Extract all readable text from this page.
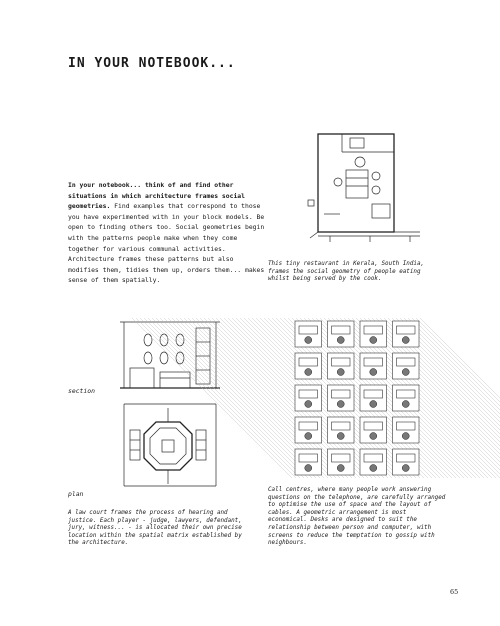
IN YOUR NOTEBOOK...
In your notebook... think of and find other situations in which architecture frames social geometries. Find examples that correspond to those you have experimented with in your block models. Be open to finding others too. Social geometries begin with the patterns people make when they come together for various communal activities. Architecture frames these patterns but also modifies them, tidies them up, orders them... makes sense of them spatially.
This tiny restaurant in Kerala, South India, frames the social geometry of people eating whilst being served by the cook.
section
plan
A law court frames the process of hearing and justice. Each player - judge, lawyers, defendant, jury, witness... - is allocated their own precise location within the spatial matrix established by the architecture.
Call centres, where many people work answering questions on the telephone, are carefully arranged to optimise the use of space and the layout of cables. A geometric arrangement is most economical. Desks are designed to suit the relationship between person and computer, with screens to reduce the temptation to gossip with neighbours.
65
